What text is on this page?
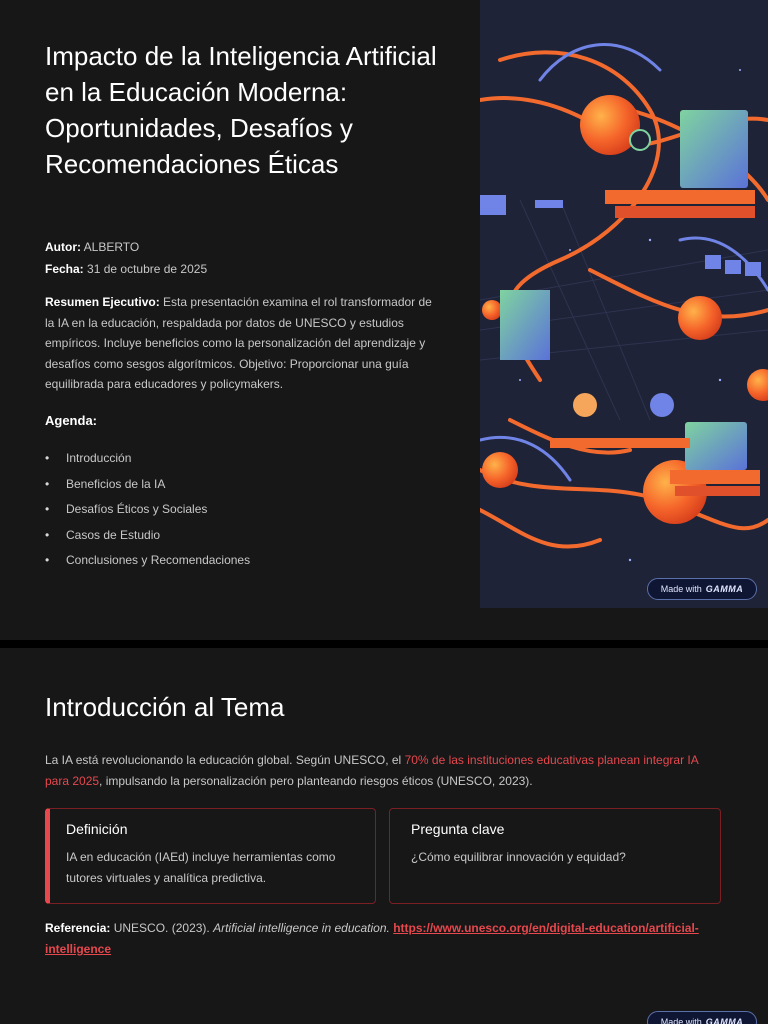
Impacto de la Inteligencia Artificial en la Educación Moderna: Oportunidades, Desafíos y Recomendaciones Éticas
Autor: ALBERTO
Fecha: 31 de octubre de 2025

Resumen Ejecutivo: Esta presentación examina el rol transformador de la IA en la educación, respaldada por datos de UNESCO y estudios empíricos. Incluye beneficios como la personalización del aprendizaje y desafíos como sesgos algorítmicos. Objetivo: Proporcionar una guía equilibrada para educadores y policymakers.

Agenda:
•	Introducción
•	Beneficios de la IA
•	Desafíos Éticos y Sociales
•	Casos de Estudio
•	Conclusiones y Recomendaciones
Made with GAMMA
Introducción al Tema

La IA está revolucionando la educación global. Según UNESCO, el 70% de las instituciones educativas planean integrar IA para 2025, impulsando la personalización pero planteando riesgos éticos (UNESCO, 2023).

Definición
IA en educación (IAEd) incluye herramientas como tutores virtuales y analítica predictiva.
Pregunta clave
¿Cómo equilibrar innovación y equidad?

Referencia: UNESCO. (2023). Artificial intelligence in education. https://www.unesco.org/en/digital-education/artificial-intelligence

Made with GAMMA
